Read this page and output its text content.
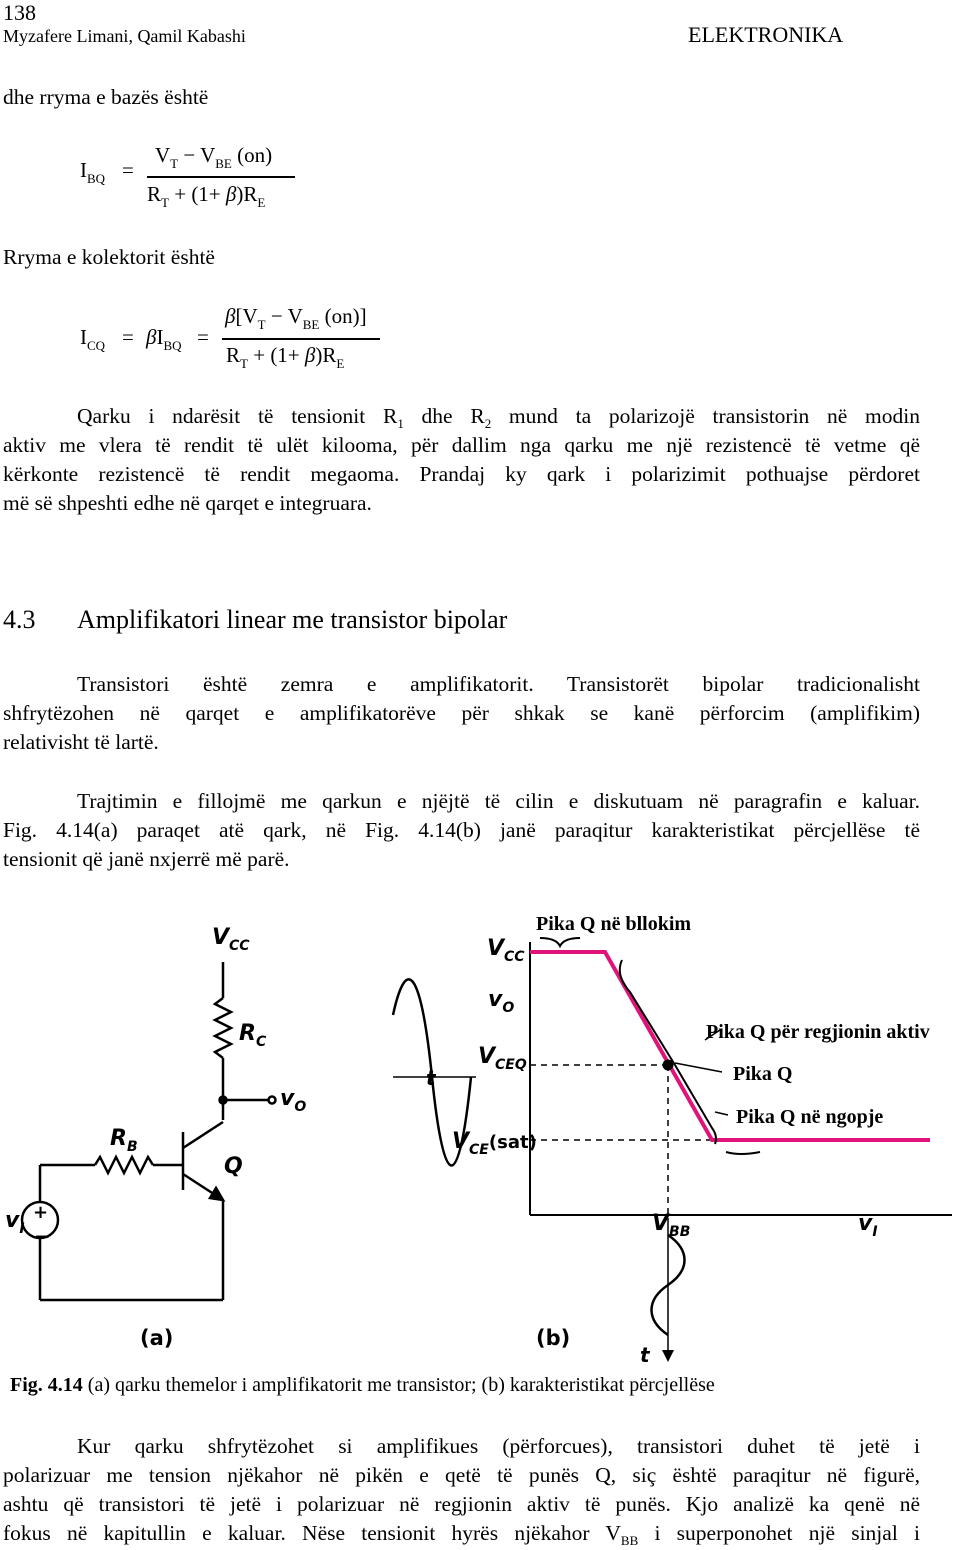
138
Myzafere Limani, Qamil Kabashi	ELEKTRONIKA
dhe rryma e bazës është
$I_{BQ}$ =
$V_T - V_{BE}$ (on)
$R_T + (1+ \beta)R_E$
Rryma e kolektorit është
$I_{CQ} = \beta I_{BQ}$ =
$\beta[V_T - V_{BE}$ (on)]
$R_T + (1+ \beta)R_E$
Qarku i ndarësit të tensionit $R_1$ dhe $R_2$ mund ta polarizojë transistorin në modin
aktiv me vlera të rendit të ulët kilooma, për dallim nga qarku me një rezistencë të vetme që
kërkonte rezistencë të rendit megaoma. Prandaj ky qark i polarizimit pothuajse përdoret
më së shpeshti edhe në qarqet e integruara.
4.3 Amplifikatori linear me transistor bipolar
Transistori është zemra e amplifikatorit. Transistorët bipolar tradicionalisht
shfrytëzohen në qarqet e amplifikatorëve për shkak se kanë përforcim (amplifikim)
relativisht të lartë.
Trajtimin e fillojmë me qarkun e njëjtë të cilin e diskutuam në paragrafin e kaluar.
Fig. 4.14(a) paraqet atë qark, në Fig. 4.14(b) janë paraqitur karakteristikat përcjellëse të
tensionit që janë nxjerrë më parë.
$V_{CC}$
$R_C$
$v_O$
$R_B$
Q
$v_I$
t
+
−
(a)
$V_{CC}$
$v_O$
$V_{CEQ}$
$V_{CE}^{(sat)}$
$V_{BB}$	$v_I$
t
(b)
Pika Q në bllokim
Pika Q për regjionin aktiv
Pika Q
Pika Q në ngopje
Fig. 4.14 (a) qarku themelor i amplifikatorit me transistor; (b) karakteristikat përcjellëse
Kur qarku shfrytëzohet si amplifikues (përforcues), transistori duhet të jetë i
polarizuar me tension njëkahor në pikën e qetë të punës Q, siç është paraqitur në figurë,
ashtu që transistori të jetë i polarizuar në regjionin aktiv të punës. Kjo analizë ka qenë në
fokus në kapitullin e kaluar. Nëse tensionit hyrës njëkahor $V_{BB}$ i superponohet një sinjal i
